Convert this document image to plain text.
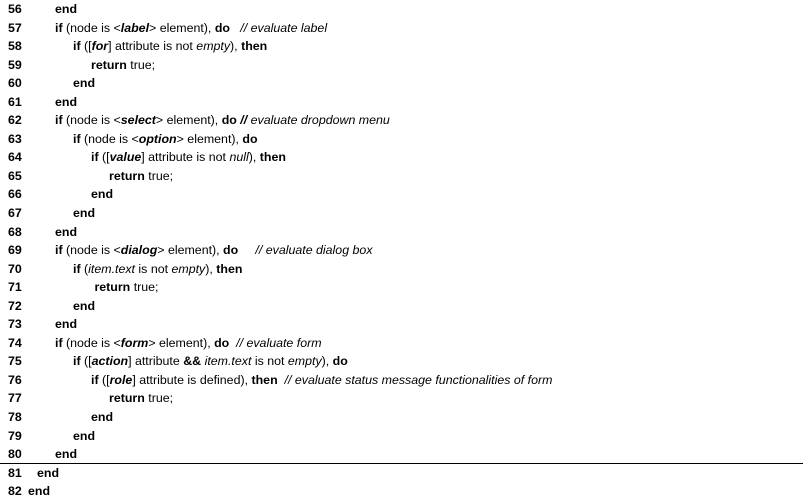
56	end
57	if (node is <label> element), do // evaluate label
58	if ([for] attribute is not empty), then
59	return true;
60	end
61	end
62	if (node is <select> element), do // evaluate dropdown menu
63	if (node is <option> element), do
64	if ([value] attribute is not null), then
65	return true;
66	end
67	end
68	end
69	if (node is <dialog> element), do // evaluate dialog box
70	if (item.text is not empty), then
71	return true;
72	end
73	end
74	if (node is <form> element), do // evaluate form
75	if ([action] attribute && item.text is not empty), do
76	if ([role] attribute is defined), then // evaluate status message functionalities of form
77	return true;
78	end
79	end
80	end
81 end
82 end
